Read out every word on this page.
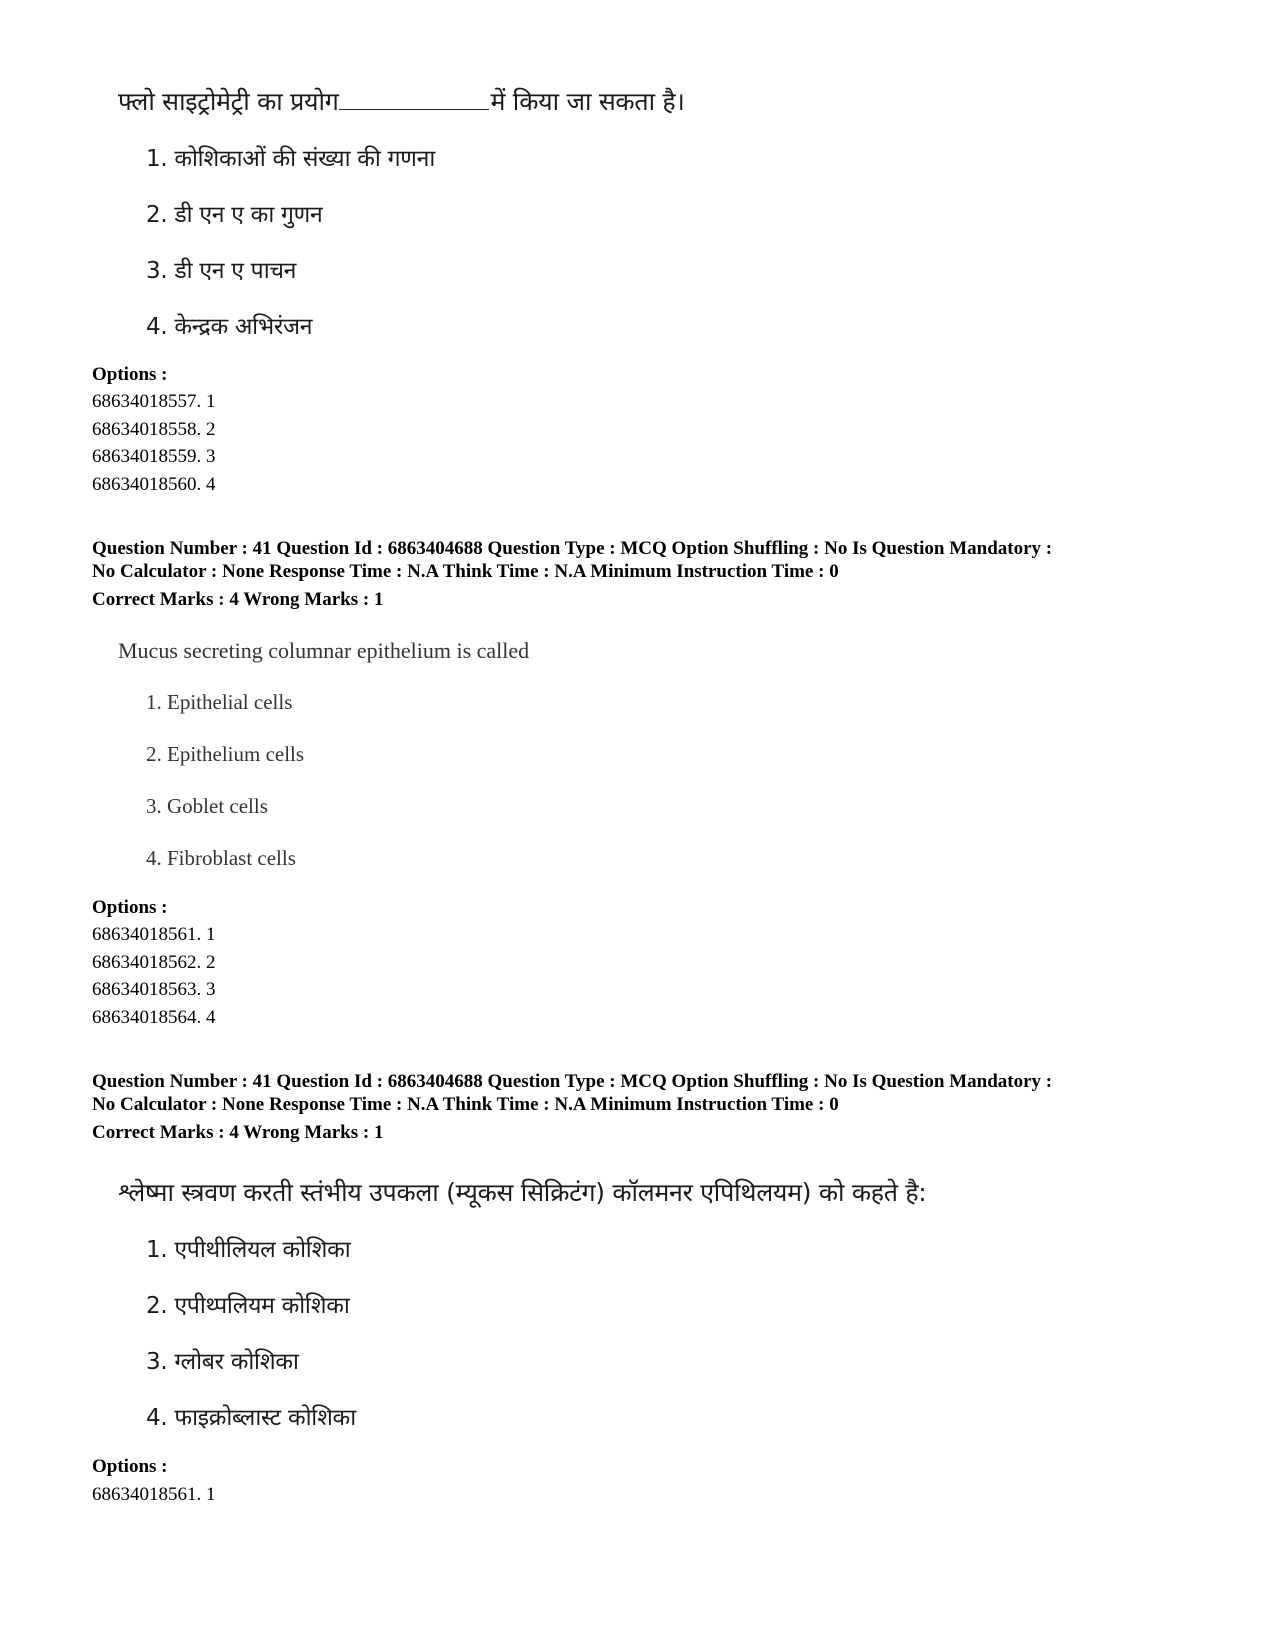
फ्लो साइट्रोमेट्री का प्रयोग	में किया जा सकता है।
1. कोशिकाओं की संख्या की गणना
2. डी एन ए का गुणन
3. डी एन ए पाचन
4. केन्द्रक अभिरंजन
Options :
68634018557. 1
68634018558. 2
68634018559. 3
68634018560. 4
Question Number : 41 Question Id : 6863404688 Question Type : MCQ Option Shuffling : No Is Question Mandatory :
No Calculator : None Response Time : N.A Think Time : N.A Minimum Instruction Time : 0
Correct Marks : 4 Wrong Marks : 1
Mucus secreting columnar epithelium is called
1. Epithelial cells
2. Epithelium cells
3. Goblet cells
4. Fibroblast cells
Options :
68634018561. 1
68634018562. 2
68634018563. 3
68634018564. 4
Question Number : 41 Question Id : 6863404688 Question Type : MCQ Option Shuffling : No Is Question Mandatory :
No Calculator : None Response Time : N.A Think Time : N.A Minimum Instruction Time : 0
Correct Marks : 4 Wrong Marks : 1
श्लेष्मा स्त्रवण करती स्तंभीय उपकला (म्यूकस सिक्रिटंग) कॉलमनर एपिथिलयम) को कहते है:
1. एपीथीलियल कोशिका
2. एपीथ्पलियम कोशिका
3. ग्लोबर कोशिका
4. फाइक्रोब्लास्ट कोशिका
Options :
68634018561. 1
